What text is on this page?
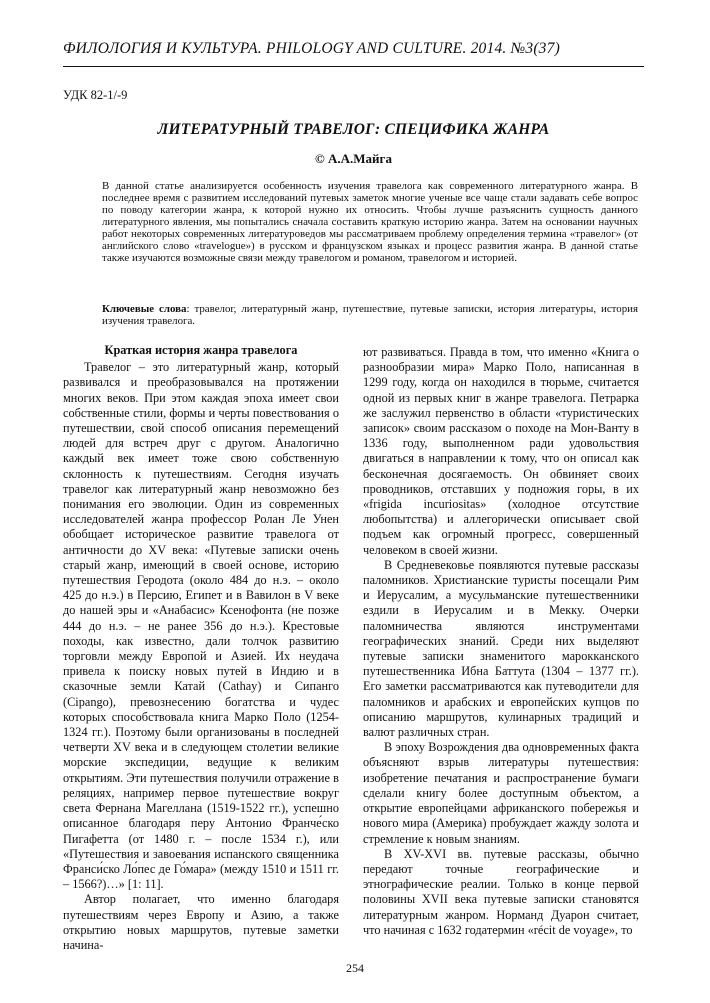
ФИЛОЛОГИЯ И КУЛЬТУРА. PHILOLOGY AND CULTURE. 2014. №3(37)
УДК 82-1/-9
ЛИТЕРАТУРНЫЙ ТРАВЕЛОГ: СПЕЦИФИКА ЖАНРА
© А.А.Майга

В данной статье анализируется особенность изучения травелога как современного литературного жанра. В последнее время с развитием исследований путевых заметок многие ученые все чаще стали задавать себе вопрос по поводу категории жанра, к которой нужно их относить. Чтобы лучше разъяснить сущность данного литературного явления, мы попытались сначала составить краткую историю жанра. Затем на основании научных работ некоторых современных литературоведов мы рассматриваем проблему определения термина «травелог» (от английского слово «travelogue») в русском и французском языках и процесс развития жанра. В данной статье также изучаются возможные связи между травелогом и романом, травелогом и историей.

Ключевые слова: травелог, литературный жанр, путешествие, путевые записки, история литературы, история изучения травелога.
Краткая история жанра травелога

Травелог – это литературный жанр, который развивался и преобразовывался на протяжении многих веков. При этом каждая эпоха имеет свои собственные стили, формы и черты повествования о путешествии, свой способ описания перемещений людей для встреч друг с другом. Аналогично каждый век имеет тоже свою собственную склонность к путешествиям. Сегодня изучать травелог как литературный жанр невозможно без понимания его эволюции. Один из современных исследователей жанра профессор Ролан Ле Унен обобщает историческое развитие травелога от античности до XV века: «Путевые записки очень старый жанр, имеющий в своей основе, историю путешествия Геродота (около 484 до н.э. – около 425 до н.э.) в Персию, Египет и в Вавилон в V веке до нашей эры и «Анабасис» Ксенофонта (не позже 444 до н.э. – не ранее 356 до н.э.). Крестовые походы, как известно, дали толчок развитию торговли между Европой и Азией. Их неудача привела к поиску новых путей в Индию и в сказочные земли Катай (Cathay) и Сипанго (Cipango), превознесению богатства и чудес которых способствовала книга Марко Поло (1254-1324 гг.). Поэтому были организованы в последней четверти XV века и в следующем столетии великие морские экспедиции, ведущие к великим открытиям. Эти путешествия получили отражение в реляциях, например первое путешествие вокруг света Фернана Магеллана (1519-1522 гг.), успешно описанное благодаря перу Антонио Франче́ско Пигафетта (от 1480 г. – после 1534 г.), или «Путешествия и завоевания испанского священника Франси́ско Ло́пес де Го́мара» (между 1510 и 1511 гг. – 1566?)…» [1: 11].

Автор полагает, что именно благодаря путешествиям через Европу и Азию, а также открытию новых маршрутов, путевые заметки начина-

ют развиваться. Правда в том, что именно «Книга о разнообразии мира» Марко Поло, написанная в 1299 году, когда он находился в тюрьме, считается одной из первых книг в жанре травелога. Петрарка же заслужил первенство в области «туристических записок» своим рассказом о походе на Мон-Ванту в 1336 году, выполненном ради удовольствия двигаться в направлении к тому, что он описал как бесконечная досягаемость. Он обвиняет своих проводников, отставших у подножия горы, в их «frigida incuriositas» (холодное отсутствие любопытства) и аллегорически описывает свой подъем как огромный прогресс, совершенный человеком в своей жизни.

В Средневековье появляются путевые рассказы паломников. Христианские туристы посещали Рим и Иерусалим, а мусульманские путешественники ездили в Иерусалим и в Мекку. Очерки паломничества являются инструментами географических знаний. Среди них выделяют путевые записки знаменитого марокканского путешественника Ибна Баттута (1304 – 1377 гг.). Его заметки рассматриваются как путеводители для паломников и арабских и европейских купцов по описанию маршрутов, кулинарных традиций и валют различных стран.

В эпоху Возрождения два одновременных факта объясняют взрыв литературы путешествия: изобретение печатания и распространение бумаги сделали книгу более доступным объектом, а открытие европейцами африканского побережья и нового мира (Америка) пробуждает жажду золота и стремление к новым знаниям.

В XV-XVI вв. путевые рассказы, обычно передают точные географические и этнографические реалии. Только в конце первой половины XVII века путевые записки становятся литературным жанром. Норманд Дуарон считает, что начиная с 1632 годатермин «récit de voyage», то

254
